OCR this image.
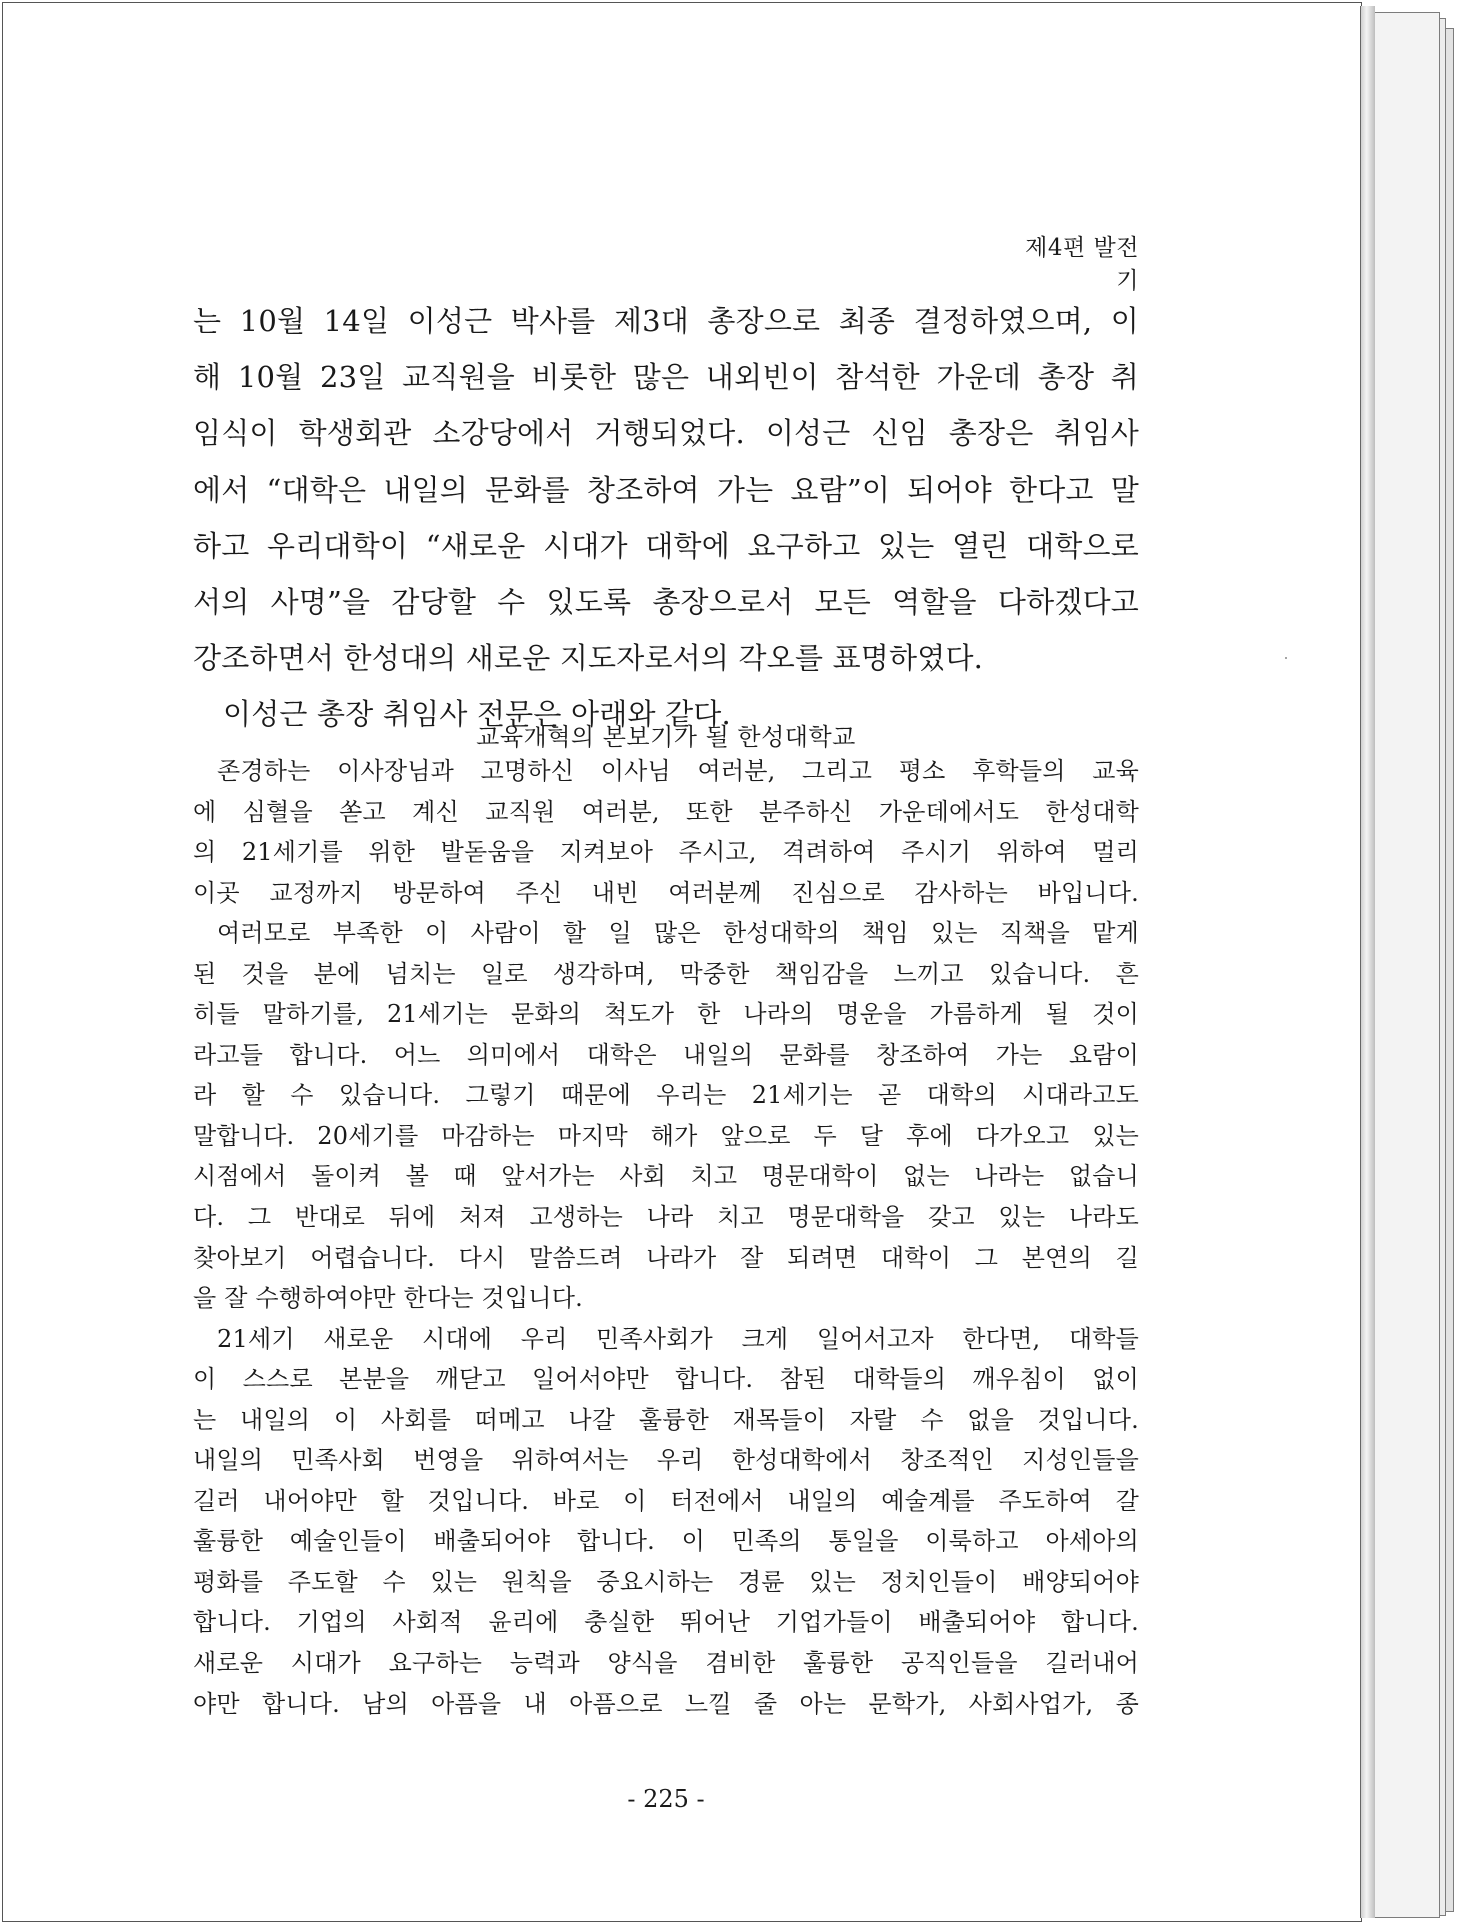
제4편 발전기
는 10월 14일 이성근 박사를 제3대 총장으로 최종 결정하였으며, 이
해 10월 23일 교직원을 비롯한 많은 내외빈이 참석한 가운데 총장 취
임식이 학생회관 소강당에서 거행되었다. 이성근 신임 총장은 취임사
에서 “대학은 내일의 문화를 창조하여 가는 요람”이 되어야 한다고 말
하고 우리대학이 “새로운 시대가 대학에 요구하고 있는 열린 대학으로
서의 사명”을 감당할 수 있도록 총장으로서 모든 역할을 다하겠다고
강조하면서 한성대의 새로운 지도자로서의 각오를 표명하였다.
이성근 총장 취임사 전문은 아래와 같다.
교육개혁의 본보기가 될 한성대학교
존경하는 이사장님과 고명하신 이사님 여러분, 그리고 평소 후학들의 교육
에 심혈을 쏟고 계신 교직원 여러분, 또한 분주하신 가운데에서도 한성대학
의 21세기를 위한 발돋움을 지켜보아 주시고, 격려하여 주시기 위하여 멀리
이곳 교정까지 방문하여 주신 내빈 여러분께 진심으로 감사하는 바입니다.
여러모로 부족한 이 사람이 할 일 많은 한성대학의 책임 있는 직책을 맡게
된 것을 분에 넘치는 일로 생각하며, 막중한 책임감을 느끼고 있습니다. 흔
히들 말하기를, 21세기는 문화의 척도가 한 나라의 명운을 가름하게 될 것이
라고들 합니다. 어느 의미에서 대학은 내일의 문화를 창조하여 가는 요람이
라 할 수 있습니다. 그렇기 때문에 우리는 21세기는 곧 대학의 시대라고도
말합니다. 20세기를 마감하는 마지막 해가 앞으로 두 달 후에 다가오고 있는
시점에서 돌이켜 볼 때 앞서가는 사회 치고 명문대학이 없는 나라는 없습니
다. 그 반대로 뒤에 처져 고생하는 나라 치고 명문대학을 갖고 있는 나라도
찾아보기 어렵습니다. 다시 말씀드려 나라가 잘 되려면 대학이 그 본연의 길
을 잘 수행하여야만 한다는 것입니다.
21세기 새로운 시대에 우리 민족사회가 크게 일어서고자 한다면, 대학들
이 스스로 본분을 깨닫고 일어서야만 합니다. 참된 대학들의 깨우침이 없이
는 내일의 이 사회를 떠메고 나갈 훌륭한 재목들이 자랄 수 없을 것입니다.
내일의 민족사회 번영을 위하여서는 우리 한성대학에서 창조적인 지성인들을
길러 내어야만 할 것입니다. 바로 이 터전에서 내일의 예술계를 주도하여 갈
훌륭한 예술인들이 배출되어야 합니다. 이 민족의 통일을 이룩하고 아세아의
평화를 주도할 수 있는 원칙을 중요시하는 경륜 있는 정치인들이 배양되어야
합니다. 기업의 사회적 윤리에 충실한 뛰어난 기업가들이 배출되어야 합니다.
새로운 시대가 요구하는 능력과 양식을 겸비한 훌륭한 공직인들을 길러내어
야만 합니다. 남의 아픔을 내 아픔으로 느낄 줄 아는 문학가, 사회사업가, 종
- 225 -
